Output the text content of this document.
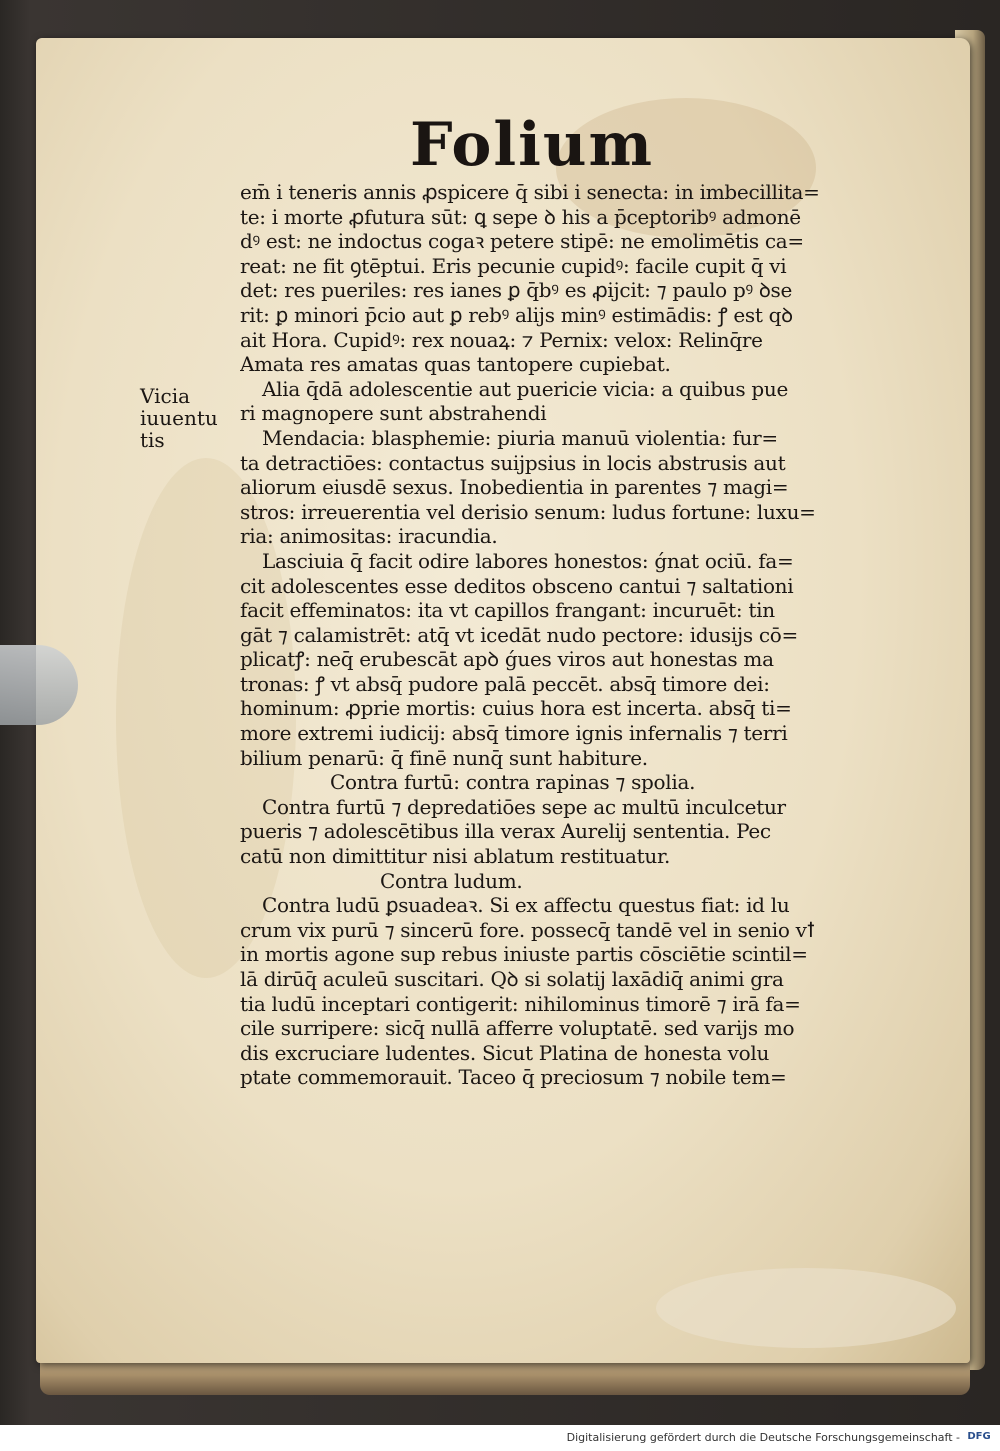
Folium
Vicia
iuuentu
tis
em̄ i teneris annis ꝓspicere q̄ sibi i senecta: in imbecillita=
te: i morte ꝓfutura sūt: ꝗ sepe ꝺ his a p̄ceptoribꝰ admonē
dꝰ est: ne indoctus cogaꝛ petere stipē: ne emolimētis ca=
reat: ne fit ꝯtēptui. Eris pecunie cupidꝰ: facile cupit q̄ vi
det: res pueriles: res ianes ꝑ q̄bꝰ es ꝓijcit: ⁊ paulo pꝰ ꝺse
rit: ꝑ minori p̄cio aut ꝑ rebꝰ alijs minꝰ estimādis: ꝭ est qꝺ
ait Hora. Cupidꝰ: rex nouaꝝ: ⁊ Pernix: velox: Relinq̄re
Amata res amatas quas tantopere cupiebat.
Alia q̄dā adolescentie aut puericie vicia: a quibus pue
ri magnopere sunt abstrahendi
Mendacia: blasphemie: piuria manuū violentia: fur=
ta detractiōes: contactus suijpsius in locis abstrusis aut
aliorum eiusdē sexus. Inobedientia in parentes ⁊ magi=
stros: irreuerentia vel derisio senum: ludus fortune: luxu=
ria: animositas: iracundia.
Lasciuia q̄ facit odire labores honestos: ǵnat ociū. fa=
cit adolescentes esse deditos obsceno cantui ⁊ saltationi
facit effeminatos: ita vt capillos frangant: incuruēt: tin
gāt ⁊ calamistrēt: atq̄ vt icedāt nudo pectore: idusijs cō=
plicatꝭ: neq̄ erubescāt apꝺ ǵues viros aut honestas ma
tronas: ꝭ vt absq̄ pudore palā peccēt. absq̄ timore dei:
hominum: ꝓprie mortis: cuius hora est incerta. absq̄ ti=
more extremi iudicij: absq̄ timore ignis infernalis ⁊ terri
bilium penarū: q̄ finē nunq̄ sunt habiture.
Contra furtū: contra rapinas ⁊ spolia.
Contra furtū ⁊ depredatiōes sepe ac multū inculcetur
pueris ⁊ adolescētibus illa verax Aurelij sententia. Pec
catū non dimittitur nisi ablatum restituatur.
Contra ludum.
Contra ludū ꝑsuadeaꝛ. Si ex affectu questus fiat: id lu
crum vix purū ⁊ sincerū fore. possecq̄ tandē vel in senio vꝉ
in mortis agone sup rebus iniuste partis cōsciētie scintil=
lā dirūq̄ aculeū suscitari. Qꝺ si solatij laxādiq̄ animi gra
tia ludū inceptari contigerit: nihilominus timorē ⁊ irā fa=
cile surripere: sicq̄ nullā afferre voluptatē. sed varijs mo
dis excruciare ludentes. Sicut Platina de honesta volu
ptate commemorauit. Taceo q̄ preciosum ⁊ nobile tem=
Digitalisierung gefördert durch die Deutsche Forschungsgemeinschaft - DFG
